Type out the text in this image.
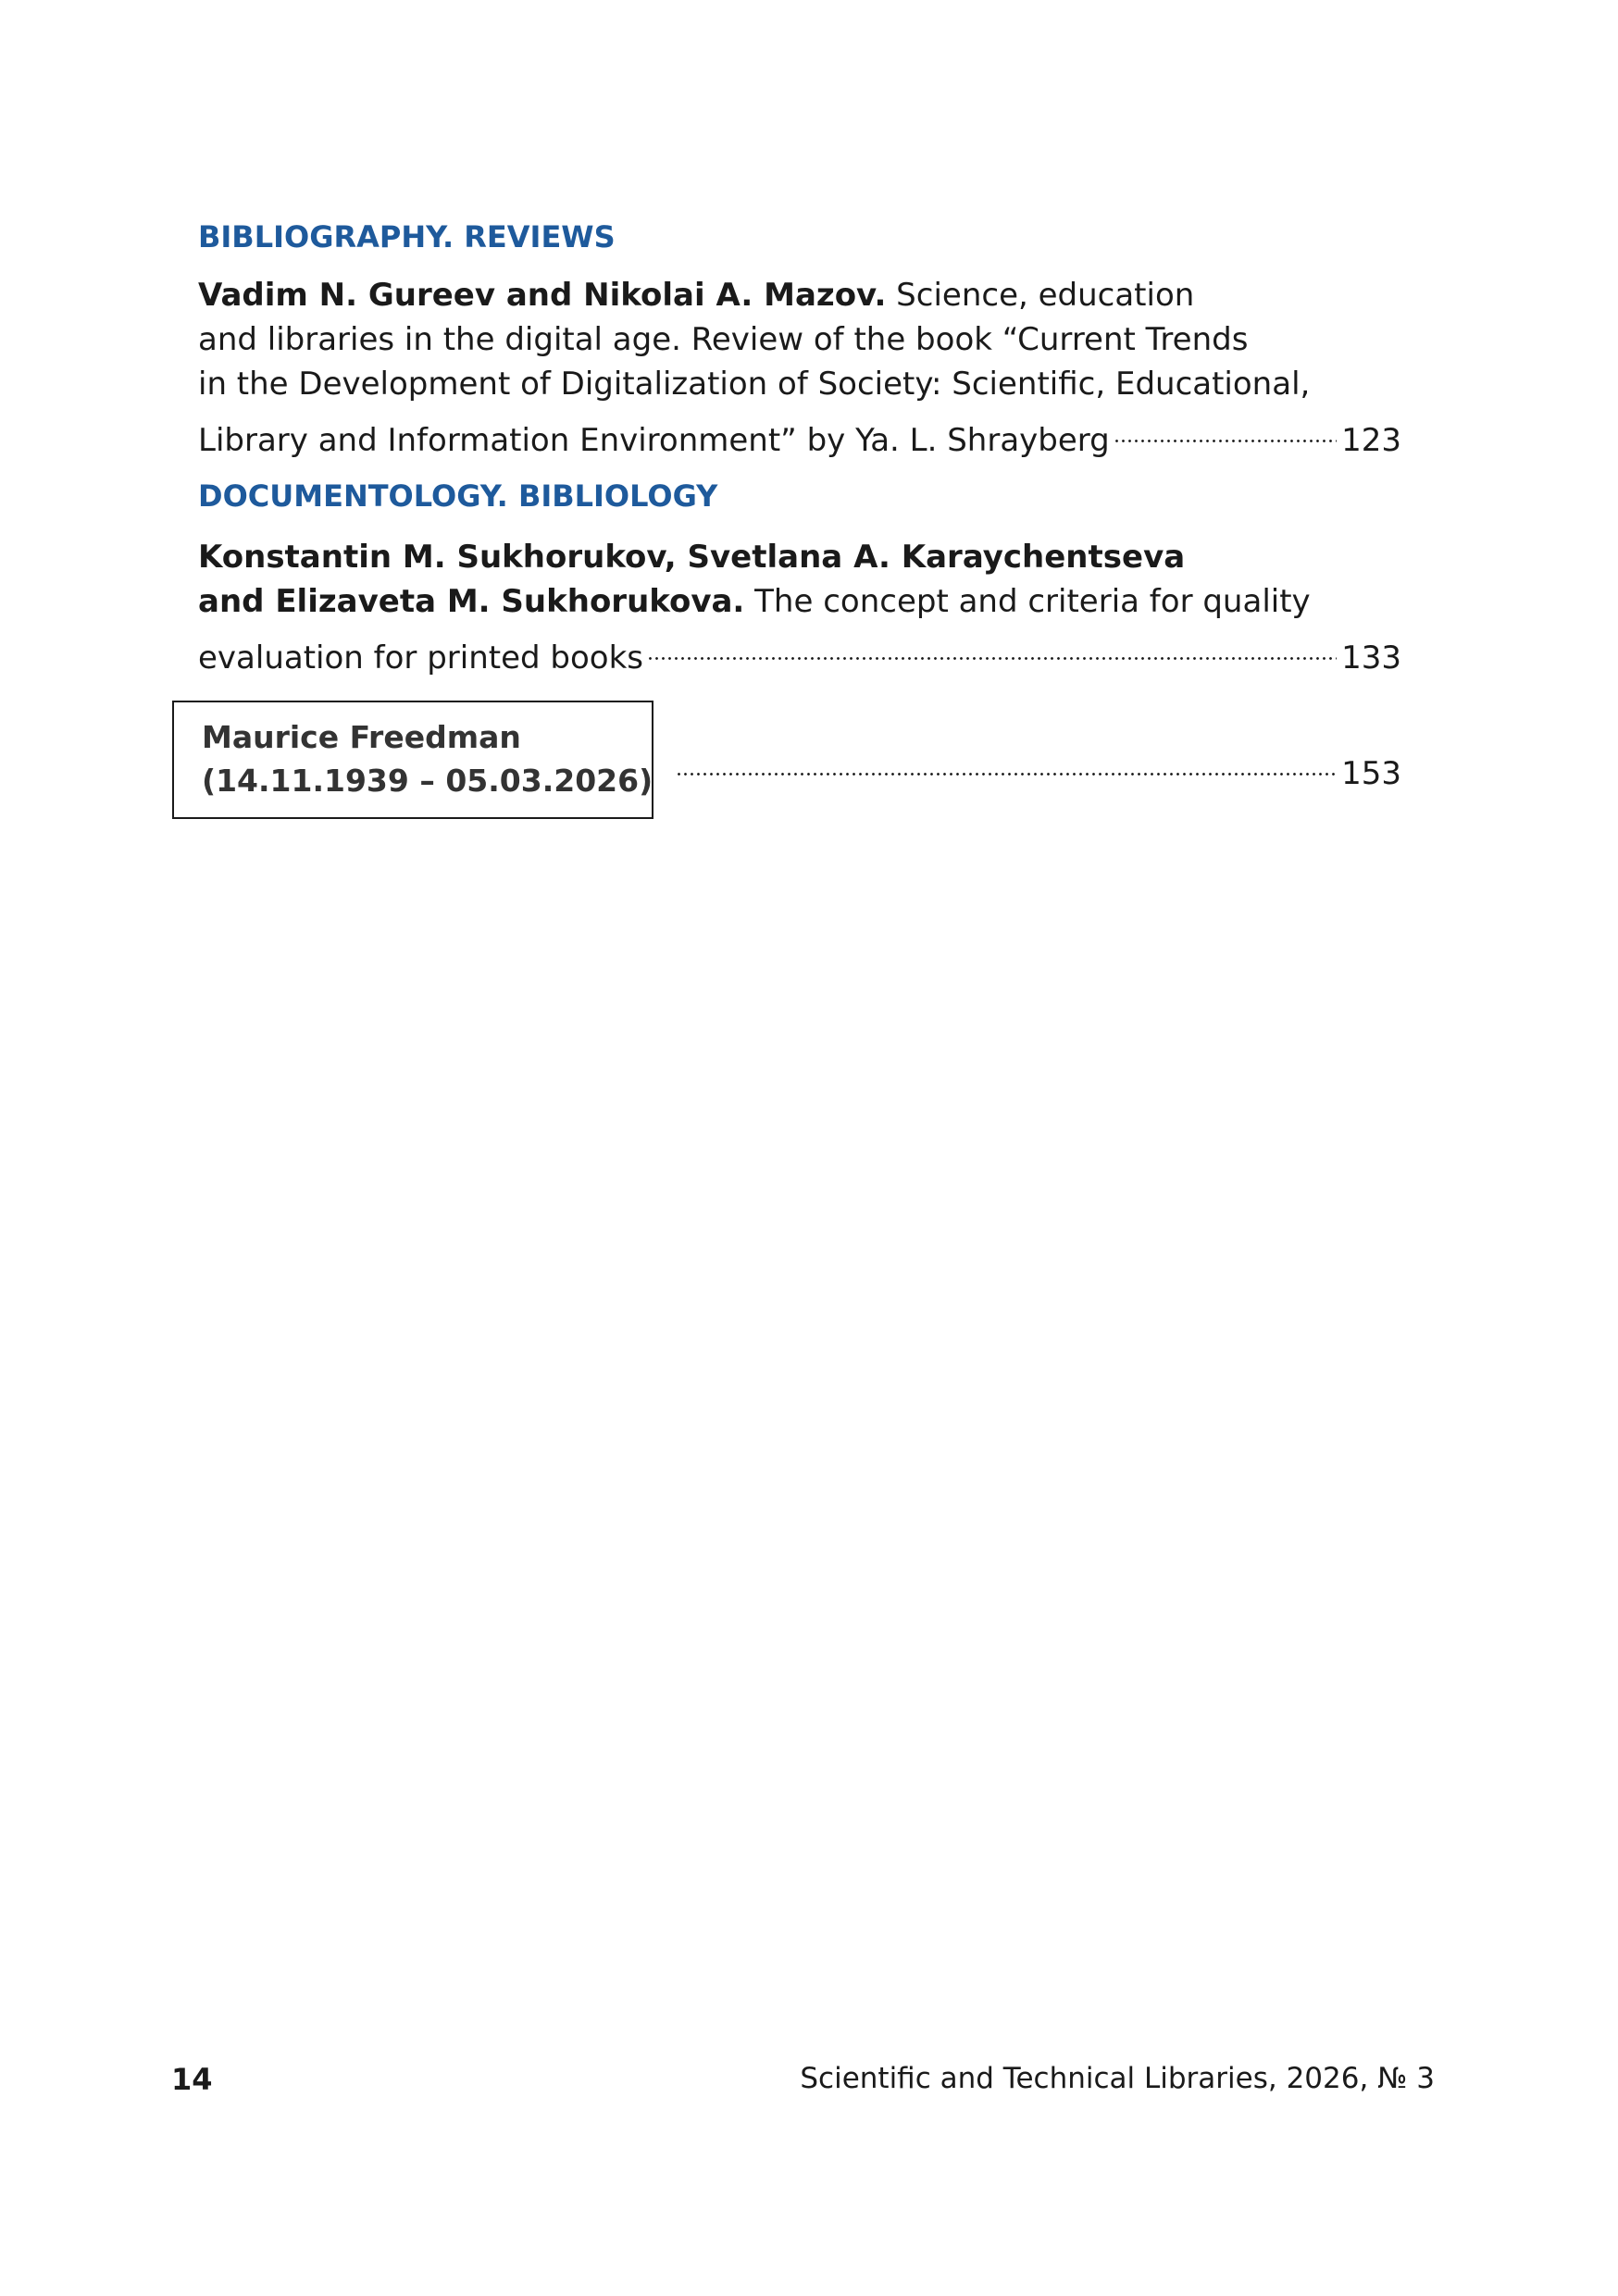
BIBLIOGRAPHY. REVIEWS
Vadim N. Gureev and Nikolai A. Mazov. Science, education
and libraries in the digital age. Review of the book “Current Trends
in the Development of Digitalization of Society: Scientific, Educational,
Library and Information Environment” by Ya. L. Shrayberg	123
DOCUMENTOLOGY. BIBLIOLOGY
Konstantin M. Sukhorukov, Svetlana A. Karaychentseva
and Elizaveta M. Sukhorukova. The concept and criteria for quality
evaluation for printed books	133
Maurice Freedman
(14.11.1939 – 05.03.2026)	153
14	Scientific and Technical Libraries, 2026, № 3
